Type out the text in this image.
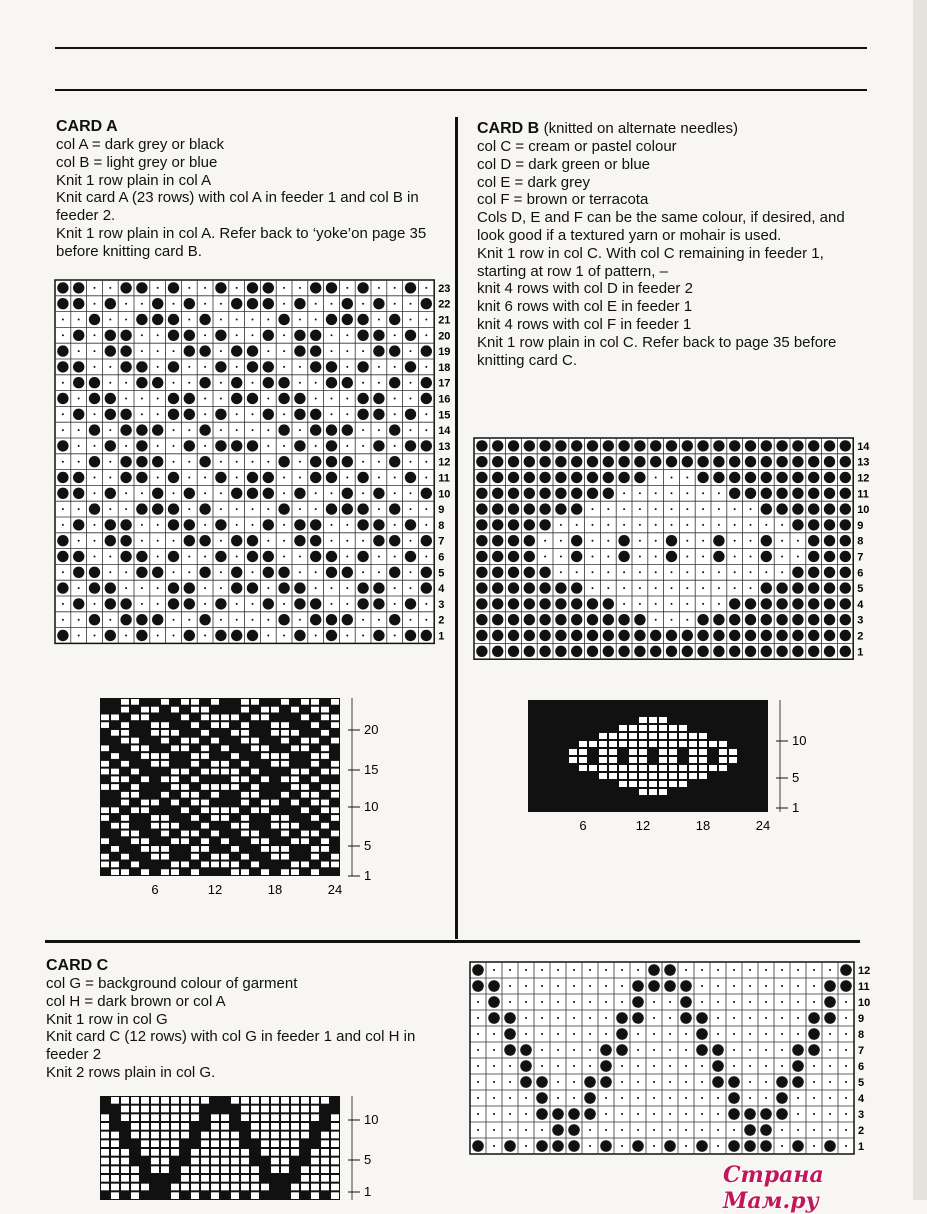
CARD A

col A = dark grey or black

col B = light grey or blue

Knit 1 row plain in col A

Knit card A (23 rows) with col A in feeder 1 and col B in feeder 2.

Knit 1 row plain in col A. Refer back to ‘yoke’on page 35 before knitting card B.

CARD B (knitted on alternate needles)

col C = cream or pastel colour

col D = dark green or blue

col E = dark grey

col F = brown or terracota

Cols D, E and F can be the same colour, if desired, and look good if a textured yarn or mohair is used.

Knit 1 row in col C. With col C remaining in feeder 1, starting at row 1 of pattern, –

knit 4 rows with col D in feeder 2

knit 6 rows with col E in feeder 1

knit 4 rows with col F in feeder 1

Knit 1 row plain in col C. Refer back to page 35 before knitting card C.

CARD C

col G = background colour of garment

col H = dark brown or col A

Knit 1 row in col G

Knit card C (12 rows) with col G in feeder 1 and col H in feeder 2

Knit 2 rows plain in col G.

1
2
3
4
5
6
7
8
9
10
11
12
13
14
15
16
17
18
19
20
21
22
23
1
2
3
4
5
6
7
8
9
10
11
12
13
14
1
2
3
4
5
6
7
8
9
10
11
12
20
15
10
5
1
6	12	18	24
10
5
1
6	12	18	24
10
5
1
Страна Мам.ру
